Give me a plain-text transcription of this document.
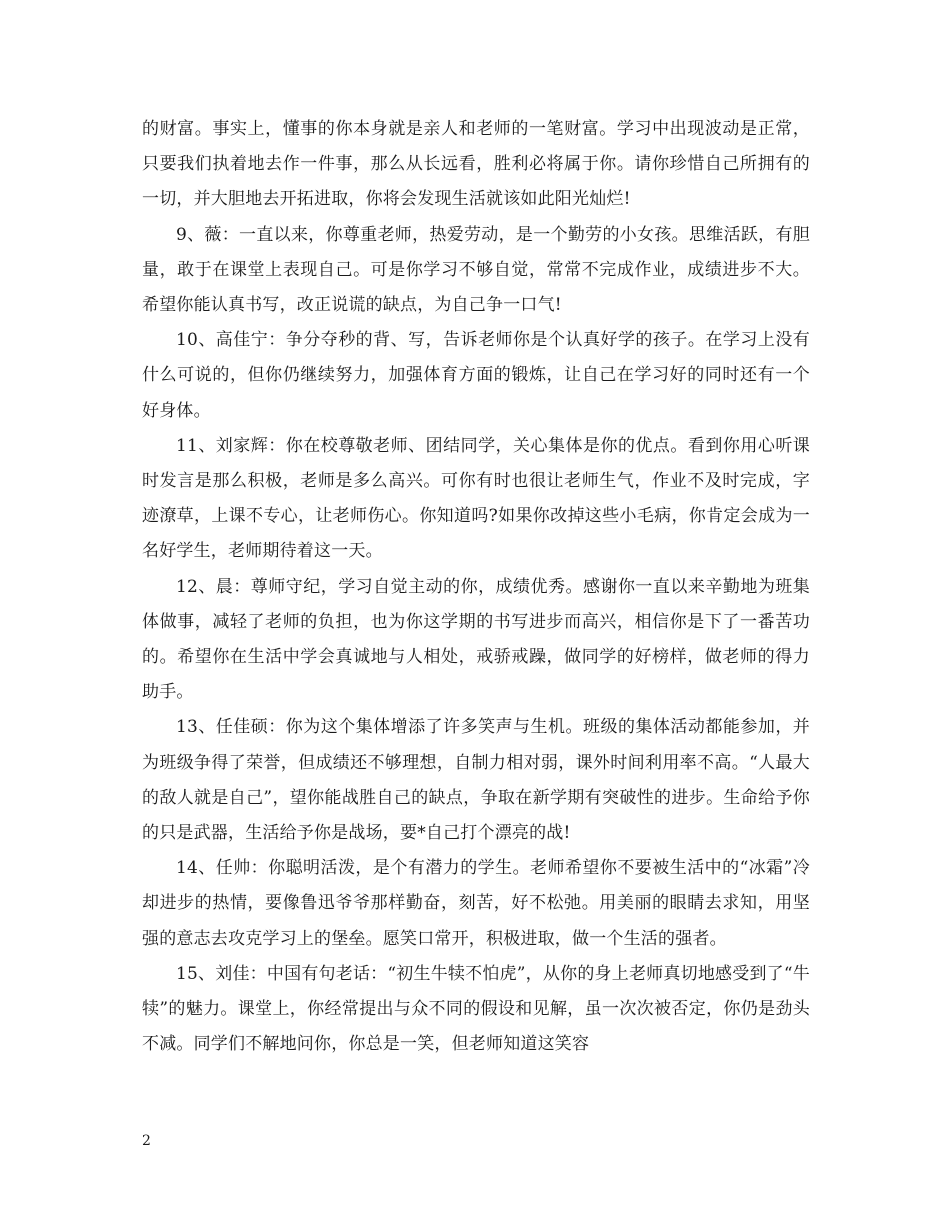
的财富。事实上，懂事的你本身就是亲人和老师的一笔财富。学习中出现波动是正常，只要我们执着地去作一件事，那么从长远看，胜利必将属于你。请你珍惜自己所拥有的一切，并大胆地去开拓进取，你将会发现生活就该如此阳光灿烂!

9、薇：一直以来，你尊重老师，热爱劳动，是一个勤劳的小女孩。思维活跃，有胆量，敢于在课堂上表现自己。可是你学习不够自觉，常常不完成作业，成绩进步不大。希望你能认真书写，改正说谎的缺点，为自己争一口气!

10、高佳宁：争分夺秒的背、写，告诉老师你是个认真好学的孩子。在学习上没有什么可说的，但你仍继续努力，加强体育方面的锻炼，让自己在学习好的同时还有一个好身体。

11、刘家辉：你在校尊敬老师、团结同学，关心集体是你的优点。看到你用心听课时发言是那么积极，老师是多么高兴。可你有时也很让老师生气，作业不及时完成，字迹潦草，上课不专心，让老师伤心。你知道吗?如果你改掉这些小毛病，你肯定会成为一名好学生，老师期待着这一天。

12、晨：尊师守纪，学习自觉主动的你，成绩优秀。感谢你一直以来辛勤地为班集体做事，减轻了老师的负担，也为你这学期的书写进步而高兴，相信你是下了一番苦功的。希望你在生活中学会真诚地与人相处，戒骄戒躁，做同学的好榜样，做老师的得力助手。

13、任佳硕：你为这个集体增添了许多笑声与生机。班级的集体活动都能参加，并为班级争得了荣誉，但成绩还不够理想，自制力相对弱，课外时间利用率不高。“人最大的敌人就是自己”，望你能战胜自己的缺点，争取在新学期有突破性的进步。生命给予你的只是武器，生活给予你是战场，要*自己打个漂亮的战!

14、任帅：你聪明活泼，是个有潜力的学生。老师希望你不要被生活中的“冰霜”冷却进步的热情，要像鲁迅爷爷那样勤奋，刻苦，好不松弛。用美丽的眼睛去求知，用坚强的意志去攻克学习上的堡垒。愿笑口常开，积极进取，做一个生活的强者。

15、刘佳：中国有句老话：“初生牛犊不怕虎”，从你的身上老师真切地感受到了“牛犊”的魅力。课堂上，你经常提出与众不同的假设和见解，虽一次次被否定，你仍是劲头不减。同学们不解地问你，你总是一笑，但老师知道这笑容

2
